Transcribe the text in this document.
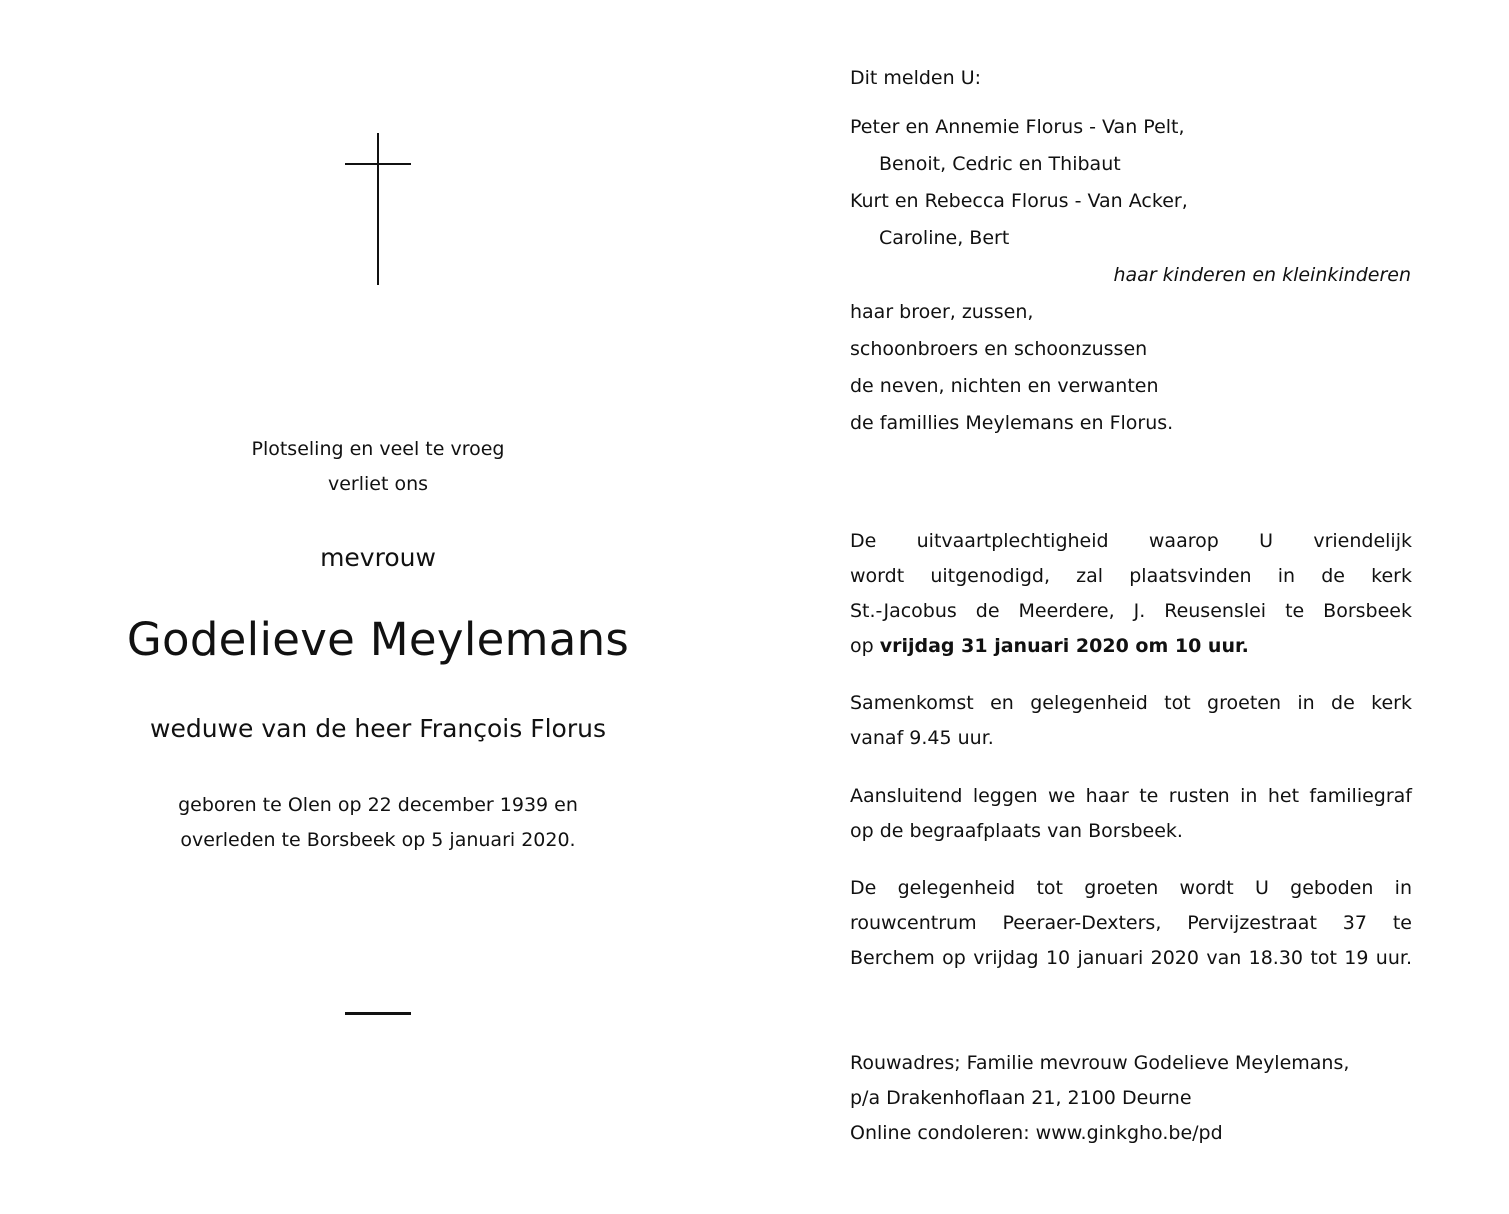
Plotseling en veel te vroeg

verliet ons

mevrouw

Godelieve Meylemans

weduwe van de heer François Florus

geboren te Olen op 22 december 1939 en

overleden te Borsbeek op 5 januari 2020.

Dit melden U:

Peter en Annemie Florus - Van Pelt,

Benoit, Cedric en Thibaut

Kurt en Rebecca Florus - Van Acker,

Caroline, Bert

haar kinderen en kleinkinderen

haar broer, zussen,

schoonbroers en schoonzussen

de neven, nichten en verwanten

de famillies Meylemans en Florus.

De uitvaartplechtigheid waarop U vriendelijk
wordt uitgenodigd, zal plaatsvinden in de kerk
St.-Jacobus de Meerdere, J. Reusenslei te Borsbeek
op vrijdag 31 januari 2020 om 10 uur.
Samenkomst en gelegenheid tot groeten in de kerk
vanaf 9.45 uur.
Aansluitend leggen we haar te rusten in het familiegraf
op de begraafplaats van Borsbeek.
De gelegenheid tot groeten wordt U geboden in
rouwcentrum Peeraer-Dexters, Pervijzestraat 37 te
Berchem op vrijdag 10 januari 2020 van 18.30 tot 19 uur.

Rouwadres; Familie mevrouw Godelieve Meylemans,

p/a Drakenhoflaan 21, 2100 Deurne

Online condoleren: www.ginkgho.be/pd
